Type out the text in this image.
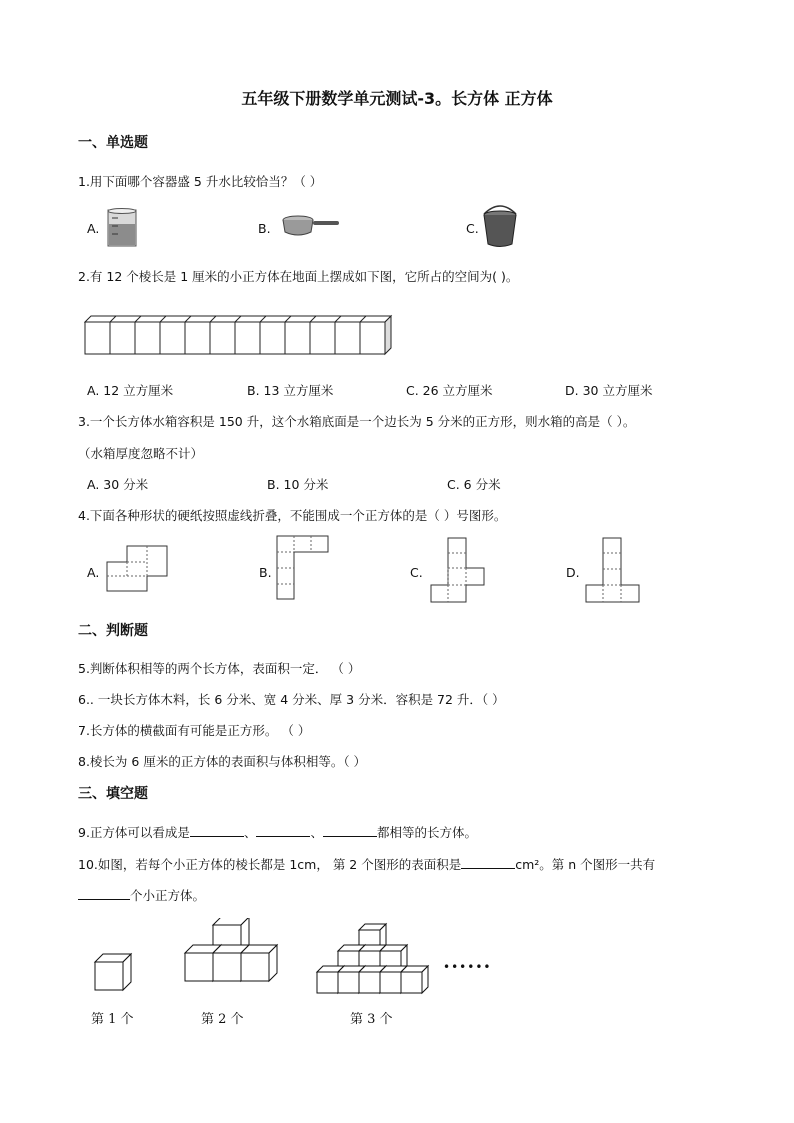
五年级下册数学单元测试-3。长方体 正方体
一、单选题
1.用下面哪个容器盛 5 升水比较恰当？（ ）
A.	B.	C.
2.有 12 个棱长是 1 厘米的小正方体在地面上摆成如下图，它所占的空间为( )。
A. 12 立方厘米	B. 13 立方厘米	C. 26 立方厘米	D. 30 立方厘米
3.一个长方体水箱容积是 150 升，这个水箱底面是一个边长为 5 分米的正方形，则水箱的高是（ ）。
（水箱厚度忽略不计）
A. 30 分米	B. 10 分米	C. 6 分米
4.下面各种形状的硬纸按照虚线折叠，不能围成一个正方体的是（ ）号图形。
A.	B.	C.	D.
二、判断题
5.判断体积相等的两个长方体，表面积一定． （ ）
6.. 一块长方体木料，长 6 分米、宽 4 分米、厚 3 分米．容积是 72 升．（ ）
7.长方体的横截面有可能是正方形。 （ ）
8.棱长为 6 厘米的正方体的表面积与体积相等。（ ）
三、填空题
9.正方体可以看成是	、	、	都相等的长方体。
10.如图，若每个小正方体的棱长都是 1cm， 第 2 个图形的表面积是	cm²。第 n 个图形一共有
个小正方体。
••••••
第 1 个	第 2 个	第 3 个
